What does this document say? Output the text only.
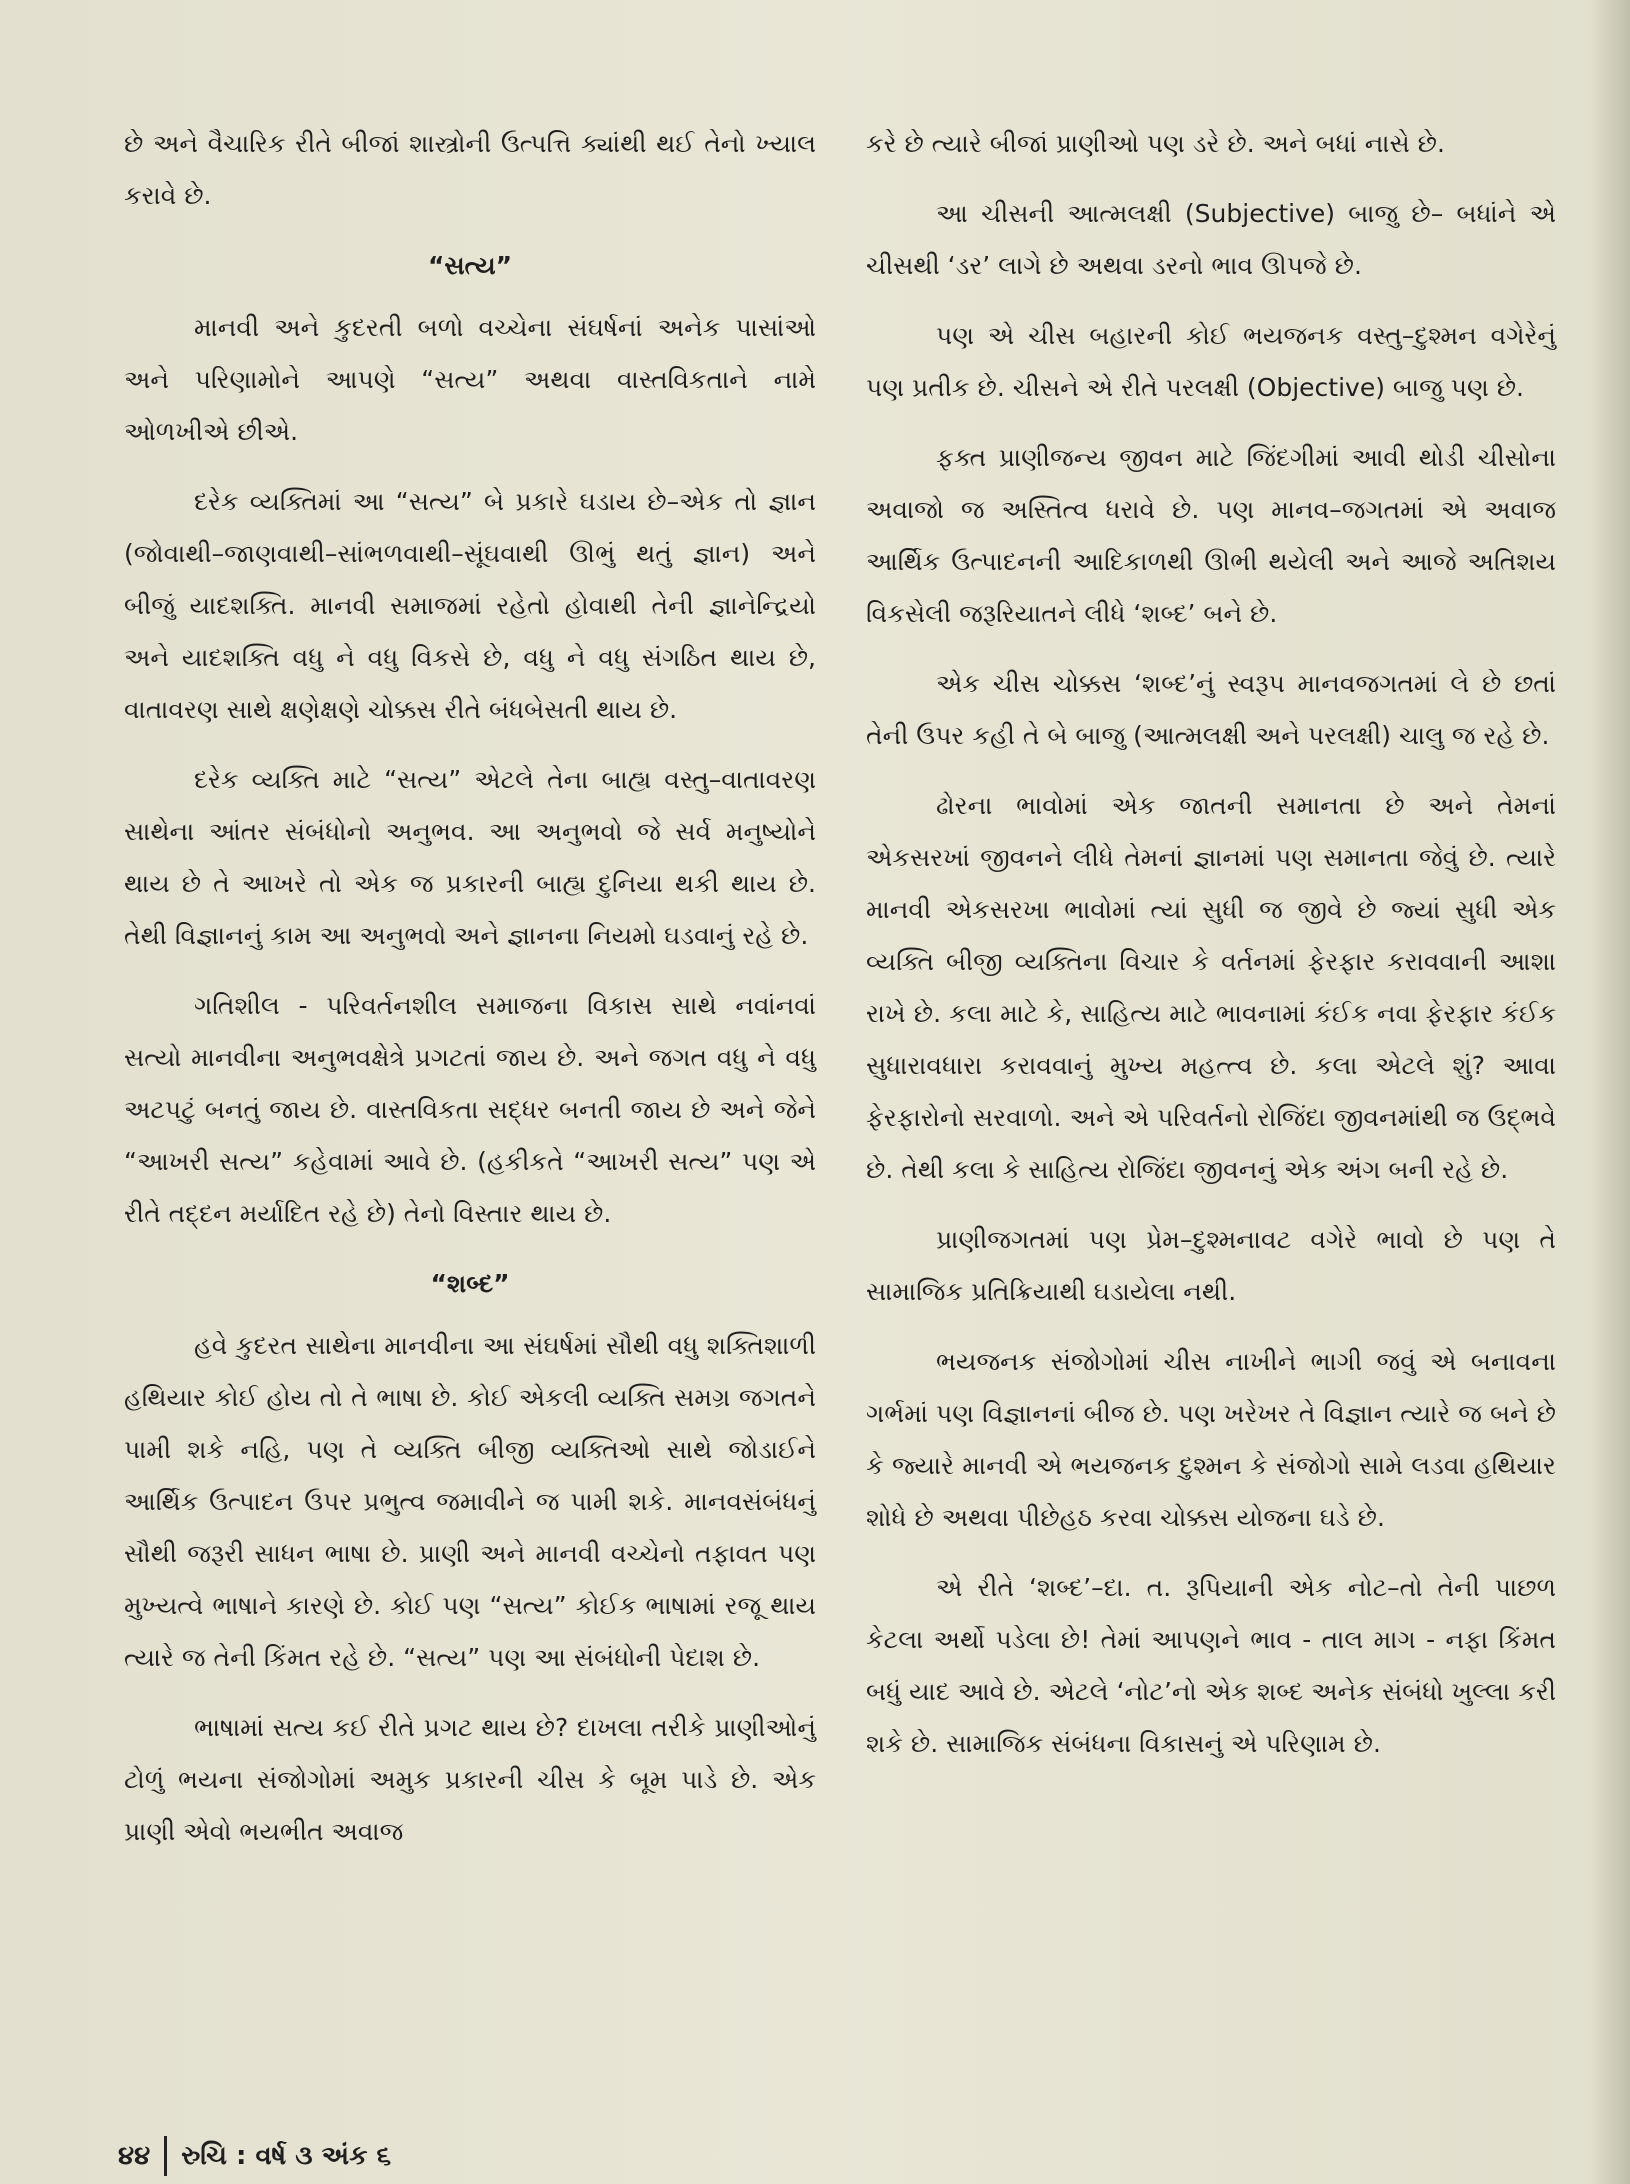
છે અને વૈચારિક રીતે બીજાં શાસ્ત્રોની ઉત્પત્તિ ક્યાંથી થઈ તેનો ખ્યાલ કરાવે છે.

“સત્ય”

માનવી અને કુદરતી બળો વચ્ચેના સંઘર્ષનાં અનેક પાસાંઓ અને પરિણામોને આપણે “સત્ય” અથવા વાસ્તવિકતાને નામે ઓળખીએ છીએ.

દરેક વ્યક્તિમાં આ “સત્ય” બે પ્રકારે ઘડાય છે–એક તો જ્ઞાન (જોવાથી–જાણવાથી–સાંભળવાથી–સૂંઘવાથી ઊભું થતું જ્ઞાન) અને બીજું યાદશક્તિ. માનવી સમાજમાં રહેતો હોવાથી તેની જ્ઞાનેન્દ્રિયો અને યાદશક્તિ વધુ ને વધુ વિકસે છે, વધુ ને વધુ સંગઠિત થાય છે, વાતાવરણ સાથે ક્ષણેક્ષણે ચોક્કસ રીતે બંધબેસતી થાય છે.

દરેક વ્યક્તિ માટે “સત્ય” એટલે તેના બાહ્ય વસ્તુ–વાતાવરણ સાથેના આંતર સંબંધોનો અનુભવ. આ અનુભવો જે સર્વ મનુષ્યોને થાય છે તે આખરે તો એક જ પ્રકારની બાહ્ય દુનિયા થકી થાય છે. તેથી વિજ્ઞાનનું કામ આ અનુભવો અને જ્ઞાનના નિયમો ઘડવાનું રહે છે.

ગતિશીલ - પરિવર્તનશીલ સમાજના વિકાસ સાથે નવાંનવાં સત્યો માનવીના અનુભવક્ષેત્રે પ્રગટતાં જાય છે. અને જગત વધુ ને વધુ અટપટું બનતું જાય છે. વાસ્તવિકતા સદ્ધર બનતી જાય છે અને જેને “આખરી સત્ય” કહેવામાં આવે છે. (હકીકતે “આખરી સત્ય” પણ એ રીતે તદ્દન મર્યાદિત રહે છે) તેનો વિસ્તાર થાય છે.

“શબ્દ”

હવે કુદરત સાથેના માનવીના આ સંઘર્ષમાં સૌથી વધુ શક્તિશાળી હથિયાર કોઈ હોય તો તે ભાષા છે. કોઈ એકલી વ્યક્તિ સમગ્ર જગતને પામી શકે નહિ, પણ તે વ્યક્તિ બીજી વ્યક્તિઓ સાથે જોડાઈને આર્થિક ઉત્પાદન ઉપર પ્રભુત્વ જમાવીને જ પામી શકે. માનવસંબંધનું સૌથી જરૂરી સાધન ભાષા છે. પ્રાણી અને માનવી વચ્ચેનો તફાવત પણ મુખ્યત્વે ભાષાને કારણે છે. કોઈ પણ “સત્ય” કોઈક ભાષામાં રજૂ થાય ત્યારે જ તેની કિંમત રહે છે. “સત્ય” પણ આ સંબંધોની પેદાશ છે.

ભાષામાં સત્ય કઈ રીતે પ્રગટ થાય છે? દાખલા તરીકે પ્રાણીઓનું ટોળું ભયના સંજોગોમાં અમુક પ્રકારની ચીસ કે બૂમ પાડે છે. એક પ્રાણી એવો ભયભીત અવાજ

કરે છે ત્યારે બીજાં પ્રાણીઓ પણ ડરે છે. અને બધાં નાસે છે.

આ ચીસની આત્મલક્ષી (Subjective) બાજુ છે– બધાંને એ ચીસથી ‘ડર’ લાગે છે અથવા ડરનો ભાવ ઊપજે છે.

પણ એ ચીસ બહારની કોઈ ભયજનક વસ્તુ–દુશ્મન વગેરેનું પણ પ્રતીક છે. ચીસને એ રીતે પરલક્ષી (Objective) બાજુ પણ છે.

ફક્ત પ્રાણીજન્ય જીવન માટે જિંદગીમાં આવી થોડી ચીસોના અવાજો જ અસ્તિત્વ ધરાવે છે. પણ માનવ–જગતમાં એ અવાજ આર્થિક ઉત્પાદનની આદિકાળથી ઊભી થયેલી અને આજે અતિશય વિકસેલી જરૂરિયાતને લીધે ‘શબ્દ’ બને છે.

એક ચીસ ચોક્કસ ‘શબ્દ’નું સ્વરૂપ માનવજગતમાં લે છે છતાં તેની ઉપર કહી તે બે બાજુ (આત્મલક્ષી અને પરલક્ષી) ચાલુ જ રહે છે.

ઢોરના ભાવોમાં એક જાતની સમાનતા છે અને તેમનાં એકસરખાં જીવનને લીધે તેમનાં જ્ઞાનમાં પણ સમાનતા જેવું છે. ત્યારે માનવી એકસરખા ભાવોમાં ત્યાં સુધી જ જીવે છે જ્યાં સુધી એક વ્યક્તિ બીજી વ્યક્તિના વિચાર કે વર્તનમાં ફેરફાર કરાવવાની આશા રાખે છે. કલા માટે કે, સાહિત્ય માટે ભાવનામાં કંઈક નવા ફેરફાર કંઈક સુધારાવધારા કરાવવાનું મુખ્ય મહત્ત્વ છે. કલા એટલે શું? આવા ફેરફારોનો સરવાળો. અને એ પરિવર્તનો રોજિંદા જીવનમાંથી જ ઉદ્ભવે છે. તેથી કલા કે સાહિત્ય રોજિંદા જીવનનું એક અંગ બની રહે છે.

પ્રાણીજગતમાં પણ પ્રેમ–દુશ્મનાવટ વગેરે ભાવો છે પણ તે સામાજિક પ્રતિક્રિયાથી ઘડાયેલા નથી.

ભયજનક સંજોગોમાં ચીસ નાખીને ભાગી જવું એ બનાવના ગર્ભમાં પણ વિજ્ઞાનનાં બીજ છે. પણ ખરેખર તે વિજ્ઞાન ત્યારે જ બને છે કે જ્યારે માનવી એ ભયજનક દુશ્મન કે સંજોગો સામે લડવા હથિયાર શોધે છે અથવા પીછેહઠ કરવા ચોક્કસ યોજના ઘડે છે.

એ રીતે ‘શબ્દ’–દા. ત. રૂપિયાની એક નોટ–તો તેની પાછળ કેટલા અર્થો પડેલા છે! તેમાં આપણને ભાવ - તાલ માગ - નફા કિંમત બધું યાદ આવે છે. એટલે ‘નોટ’નો એક શબ્દ અનેક સંબંધો ખુલ્લા કરી શકે છે. સામાજિક સંબંધના વિકાસનું એ પરિણામ છે.

૪૪ રુચિ : વર્ષ ૩ અંક ૬
